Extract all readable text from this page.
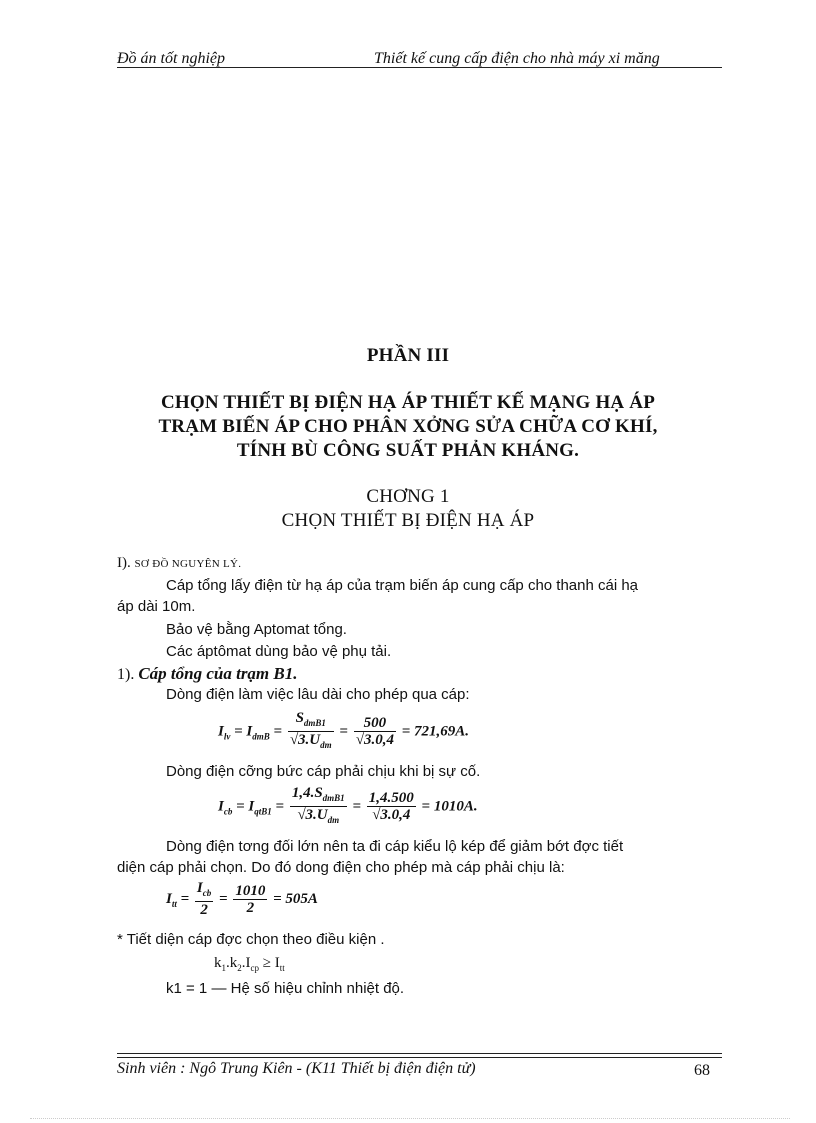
Đồ án tốt nghiệp	Thiết kế cung cấp điện cho nhà máy xi măng
PHẦN III
CHỌN THIẾT BỊ ĐIỆN HẠ ÁP THIẾT KẾ MẠNG HẠ ÁP
TRẠM BIẾN ÁP CHO PHÂN XỞNG SỬA CHỮA CƠ KHÍ,
TÍNH BÙ CÔNG SUẤT PHẢN KHÁNG.
CHƠNG 1
CHỌN THIẾT BỊ ĐIỆN HẠ ÁP
I). SƠ ĐỒ NGUYÊN LÝ.
Cáp tổng lấy điện từ hạ áp của trạm biến áp cung cấp cho thanh cái hạ
áp dài 10m.
Bảo vệ bằng Aptomat tổng.
Các áptômat dùng bảo vệ phụ tải.
1). Cáp tổng của trạm B1.
Dòng điện làm việc lâu dài cho phép qua cáp:
$I_{lv} = I_{dmB} = \frac{S_{dmB1}}{√3.U_{dm}} = \frac{500}{√3.0,4} = 721,69A$.
Dòng điện cỡng bức cáp phải chịu khi bị sự cố.
$I_{cb} = I_{qtB1} = \frac{1,4.S_{dmB1}}{√3.U_{dm}} = \frac{1,4.500}{√3.0,4} = 1010A$.
Dòng điện tơng đối lớn nên ta đi cáp kiểu lộ kép để giảm bớt đợc tiết
diện cáp phải chọn. Do đó dong điện cho phép mà cáp phải chịu là:
$I_{tt} = \frac{I_{cb}}{2} = \frac{1010}{2} = 505A$
* Tiết diện cáp đợc chọn theo điều kiện .
$k_1.k_2.I_{cp} \ge I_{tt}$
k1 = 1 — Hệ số hiệu chỉnh nhiệt độ.
Sinh viên : Ngô Trung Kiên - (K11 Thiết bị điện điện tử)	68
